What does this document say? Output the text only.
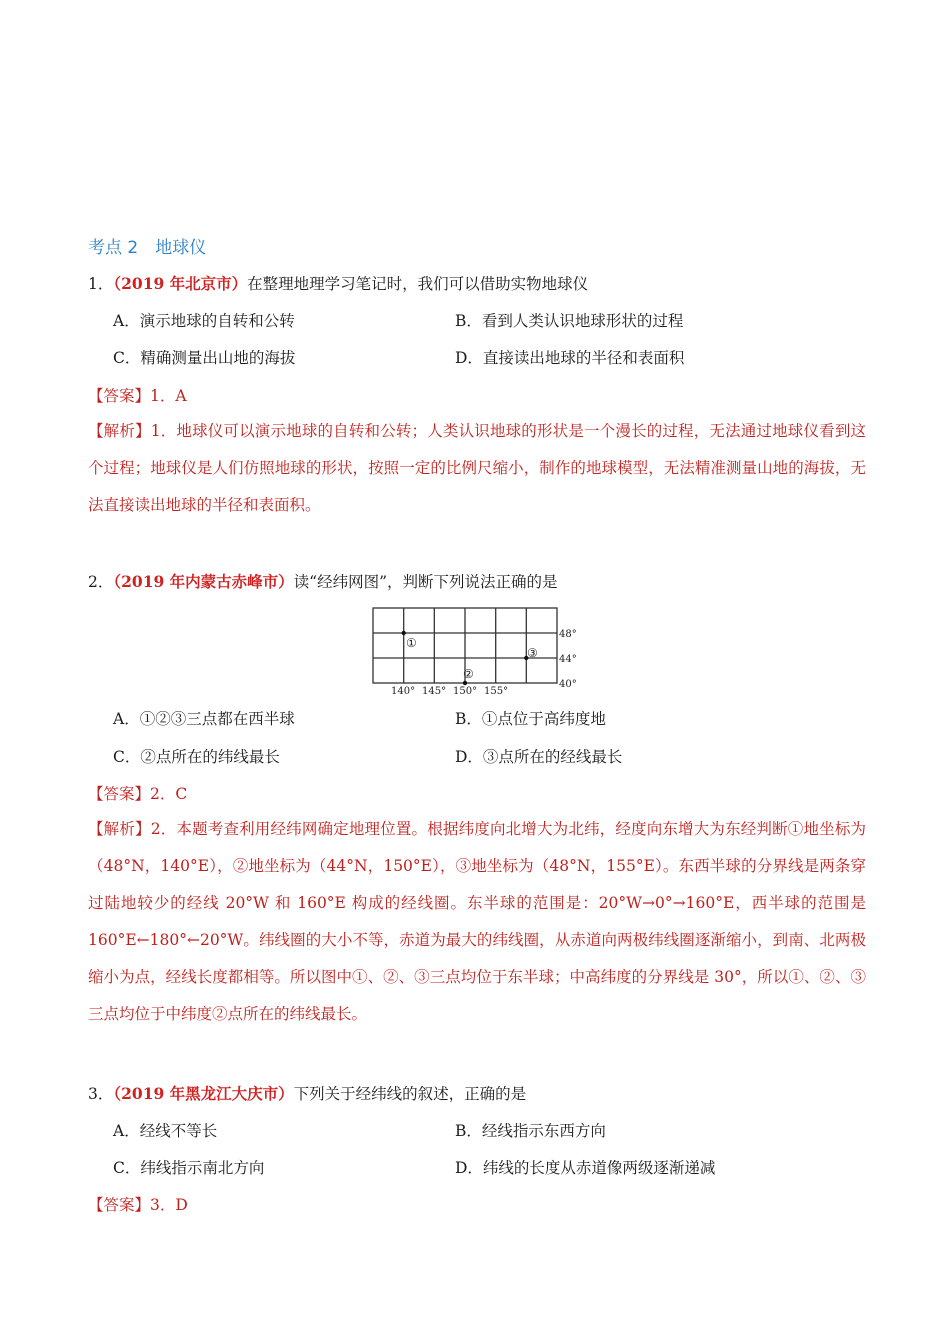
考点 2　地球仪
1．（2019 年北京市）在整理地理学习笔记时，我们可以借助实物地球仪
A．演示地球的自转和公转	B．看到人类认识地球形状的过程
C．精确测量出山地的海拔	D．直接读出地球的半径和表面积
【答案】1．A
【解析】1．地球仪可以演示地球的自转和公转；人类认识地球的形状是一个漫长的过程，无法通过地球仪看到这个过程；地球仪是人们仿照地球的形状，按照一定的比例尺缩小，制作的地球模型，无法精准测量山地的海拔，无法直接读出地球的半径和表面积。
2．（2019 年内蒙古赤峰市）读“经纬网图”，判断下列说法正确的是
①
②
③
48°
44°
40°
140° 145° 150° 155°
A．①②③三点都在西半球	B．①点位于高纬度地
C．②点所在的纬线最长	D．③点所在的经线最长
【答案】2．C
【解析】2．本题考查利用经纬网确定地理位置。根据纬度向北增大为北纬，经度向东增大为东经判断①地坐标为（48°N，140°E），②地坐标为（44°N，150°E），③地坐标为（48°N，155°E）。东西半球的分界线是两条穿过陆地较少的经线 20°W 和 160°E 构成的经线圈。东半球的范围是：20°W→0°→160°E，西半球的范围是 160°E←180°←20°W。纬线圈的大小不等，赤道为最大的纬线圈，从赤道向两极纬线圈逐渐缩小，到南、北两极缩小为点，经线长度都相等。所以图中①、②、③三点均位于东半球；中高纬度的分界线是 30°，所以①、②、③三点均位于中纬度②点所在的纬线最长。
3．（2019 年黑龙江大庆市）下列关于经纬线的叙述，正确的是
A．经线不等长	B．经线指示东西方向
C．纬线指示南北方向	D．纬线的长度从赤道像两级逐渐递减
【答案】3．D
